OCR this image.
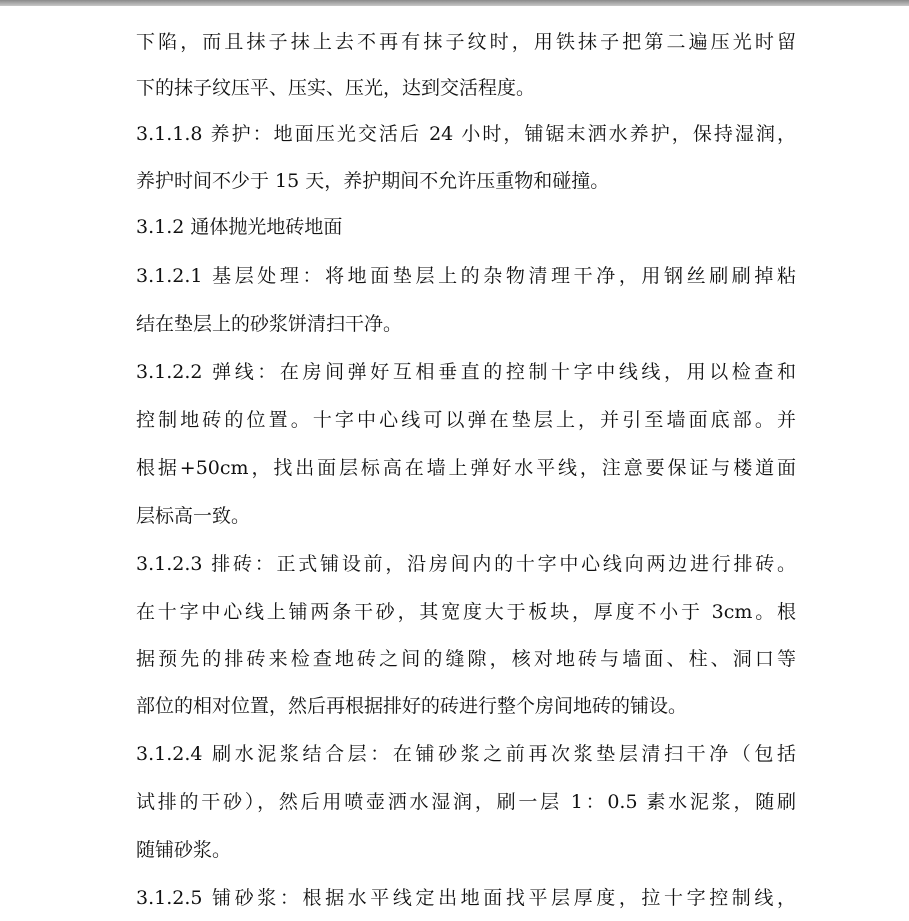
下陷，而且抹子抹上去不再有抹子纹时，用铁抹子把第二遍压光时留
下的抹子纹压平、压实、压光，达到交活程度。
3.1.1.8 养护：地面压光交活后 24 小时，铺锯末洒水养护，保持湿润，
养护时间不少于 15 天，养护期间不允许压重物和碰撞。
3.1.2 通体抛光地砖地面
3.1.2.1 基层处理：将地面垫层上的杂物清理干净，用钢丝刷刷掉粘
结在垫层上的砂浆饼清扫干净。
3.1.2.2 弹线：在房间弹好互相垂直的控制十字中线线，用以检查和
控制地砖的位置。十字中心线可以弹在垫层上，并引至墙面底部。并
根据+50cm，找出面层标高在墙上弹好水平线，注意要保证与楼道面
层标高一致。
3.1.2.3 排砖：正式铺设前，沿房间内的十字中心线向两边进行排砖。
在十字中心线上铺两条干砂，其宽度大于板块，厚度不小于 3cm。根
据预先的排砖来检查地砖之间的缝隙，核对地砖与墙面、柱、洞口等
部位的相对位置，然后再根据排好的砖进行整个房间地砖的铺设。
3.1.2.4 刷水泥浆结合层：在铺砂浆之前再次浆垫层清扫干净（包括
试排的干砂），然后用喷壶洒水湿润，刷一层 1：0.5 素水泥浆，随刷
随铺砂浆。
3.1.2.5 铺砂浆：根据水平线定出地面找平层厚度，拉十字控制线，
